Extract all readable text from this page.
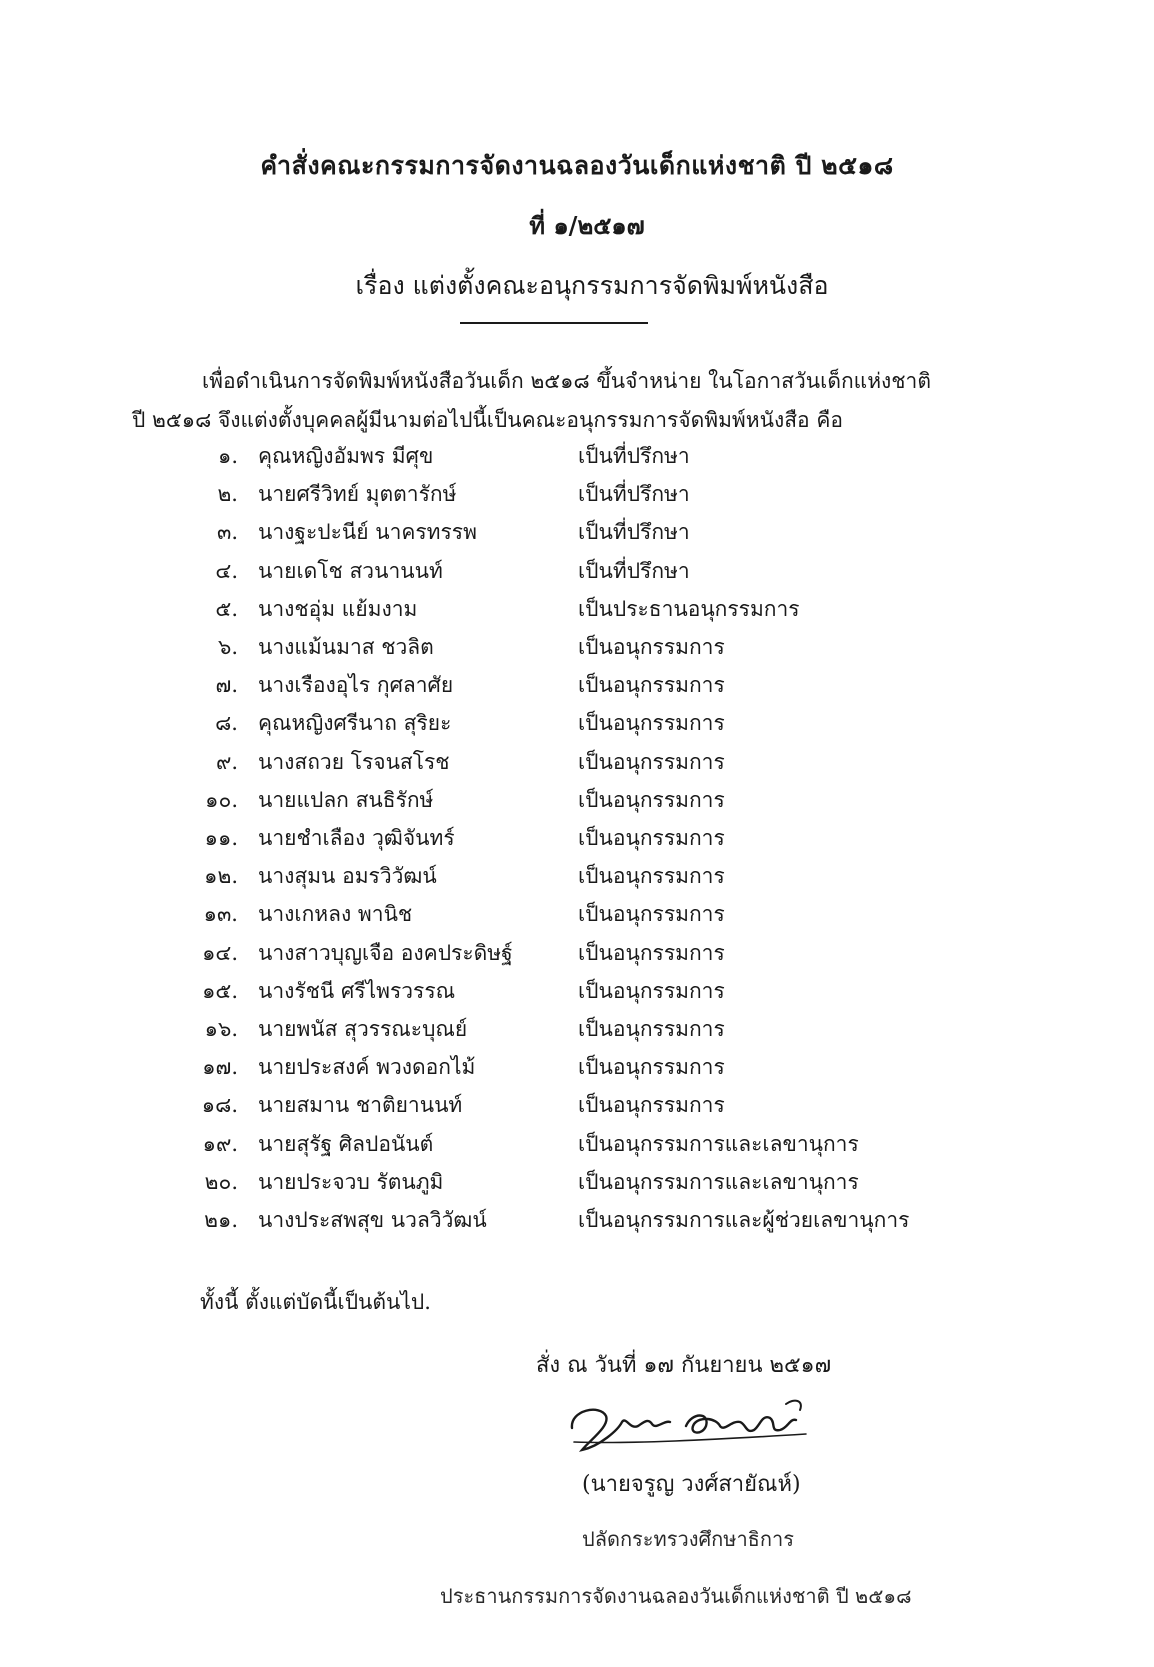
คำสั่งคณะกรรมการจัดงานฉลองวันเด็กแห่งชาติ ปี ๒๕๑๘
ที่ ๑/๒๕๑๗
เรื่อง แต่งตั้งคณะอนุกรรมการจัดพิมพ์หนังสือ
เพื่อดำเนินการจัดพิมพ์หนังสือวันเด็ก ๒๕๑๘ ขึ้นจำหน่าย ในโอกาสวันเด็กแห่งชาติ
ปี ๒๕๑๘ จึงแต่งตั้งบุคคลผู้มีนามต่อไปนี้เป็นคณะอนุกรรมการจัดพิมพ์หนังสือ คือ
๑. คุณหญิงอัมพร มีศุข	เป็นที่ปรึกษา
๒. นายศรีวิทย์ มุตตารักษ์	เป็นที่ปรึกษา
๓. นางฐะปะนีย์ นาครทรรพ	เป็นที่ปรึกษา
๔. นายเดโช สวนานนท์	เป็นที่ปรึกษา
๕. นางชอุ่ม แย้มงาม	เป็นประธานอนุกรรมการ
๖. นางแม้นมาส ชวลิต	เป็นอนุกรรมการ
๗. นางเรืองอุไร กุศลาศัย	เป็นอนุกรรมการ
๘. คุณหญิงศรีนาถ สุริยะ	เป็นอนุกรรมการ
๙. นางสถวย โรจนสโรช	เป็นอนุกรรมการ
๑๐. นายแปลก สนธิรักษ์	เป็นอนุกรรมการ
๑๑. นายชำเลือง วุฒิจันทร์	เป็นอนุกรรมการ
๑๒. นางสุมน อมรวิวัฒน์	เป็นอนุกรรมการ
๑๓. นางเกหลง พานิช	เป็นอนุกรรมการ
๑๔. นางสาวบุญเจือ องคประดิษฐ์	เป็นอนุกรรมการ
๑๕. นางรัชนี ศรีไพรวรรณ	เป็นอนุกรรมการ
๑๖. นายพนัส สุวรรณะบุณย์	เป็นอนุกรรมการ
๑๗. นายประสงค์ พวงดอกไม้	เป็นอนุกรรมการ
๑๘. นายสมาน ชาติยานนท์	เป็นอนุกรรมการ
๑๙. นายสุรัฐ ศิลปอนันต์	เป็นอนุกรรมการและเลขานุการ
๒๐. นายประจวบ รัตนภูมิ	เป็นอนุกรรมการและเลขานุการ
๒๑. นางประสพสุข นวลวิวัฒน์	เป็นอนุกรรมการและผู้ช่วยเลขานุการ
ทั้งนี้ ตั้งแต่บัดนี้เป็นต้นไป.
สั่ง ณ วันที่ ๑๗ กันยายน ๒๕๑๗
(นายจรูญ วงศ์สายัณห์)
ปลัดกระทรวงศึกษาธิการ
ประธานกรรมการจัดงานฉลองวันเด็กแห่งชาติ ปี ๒๕๑๘
